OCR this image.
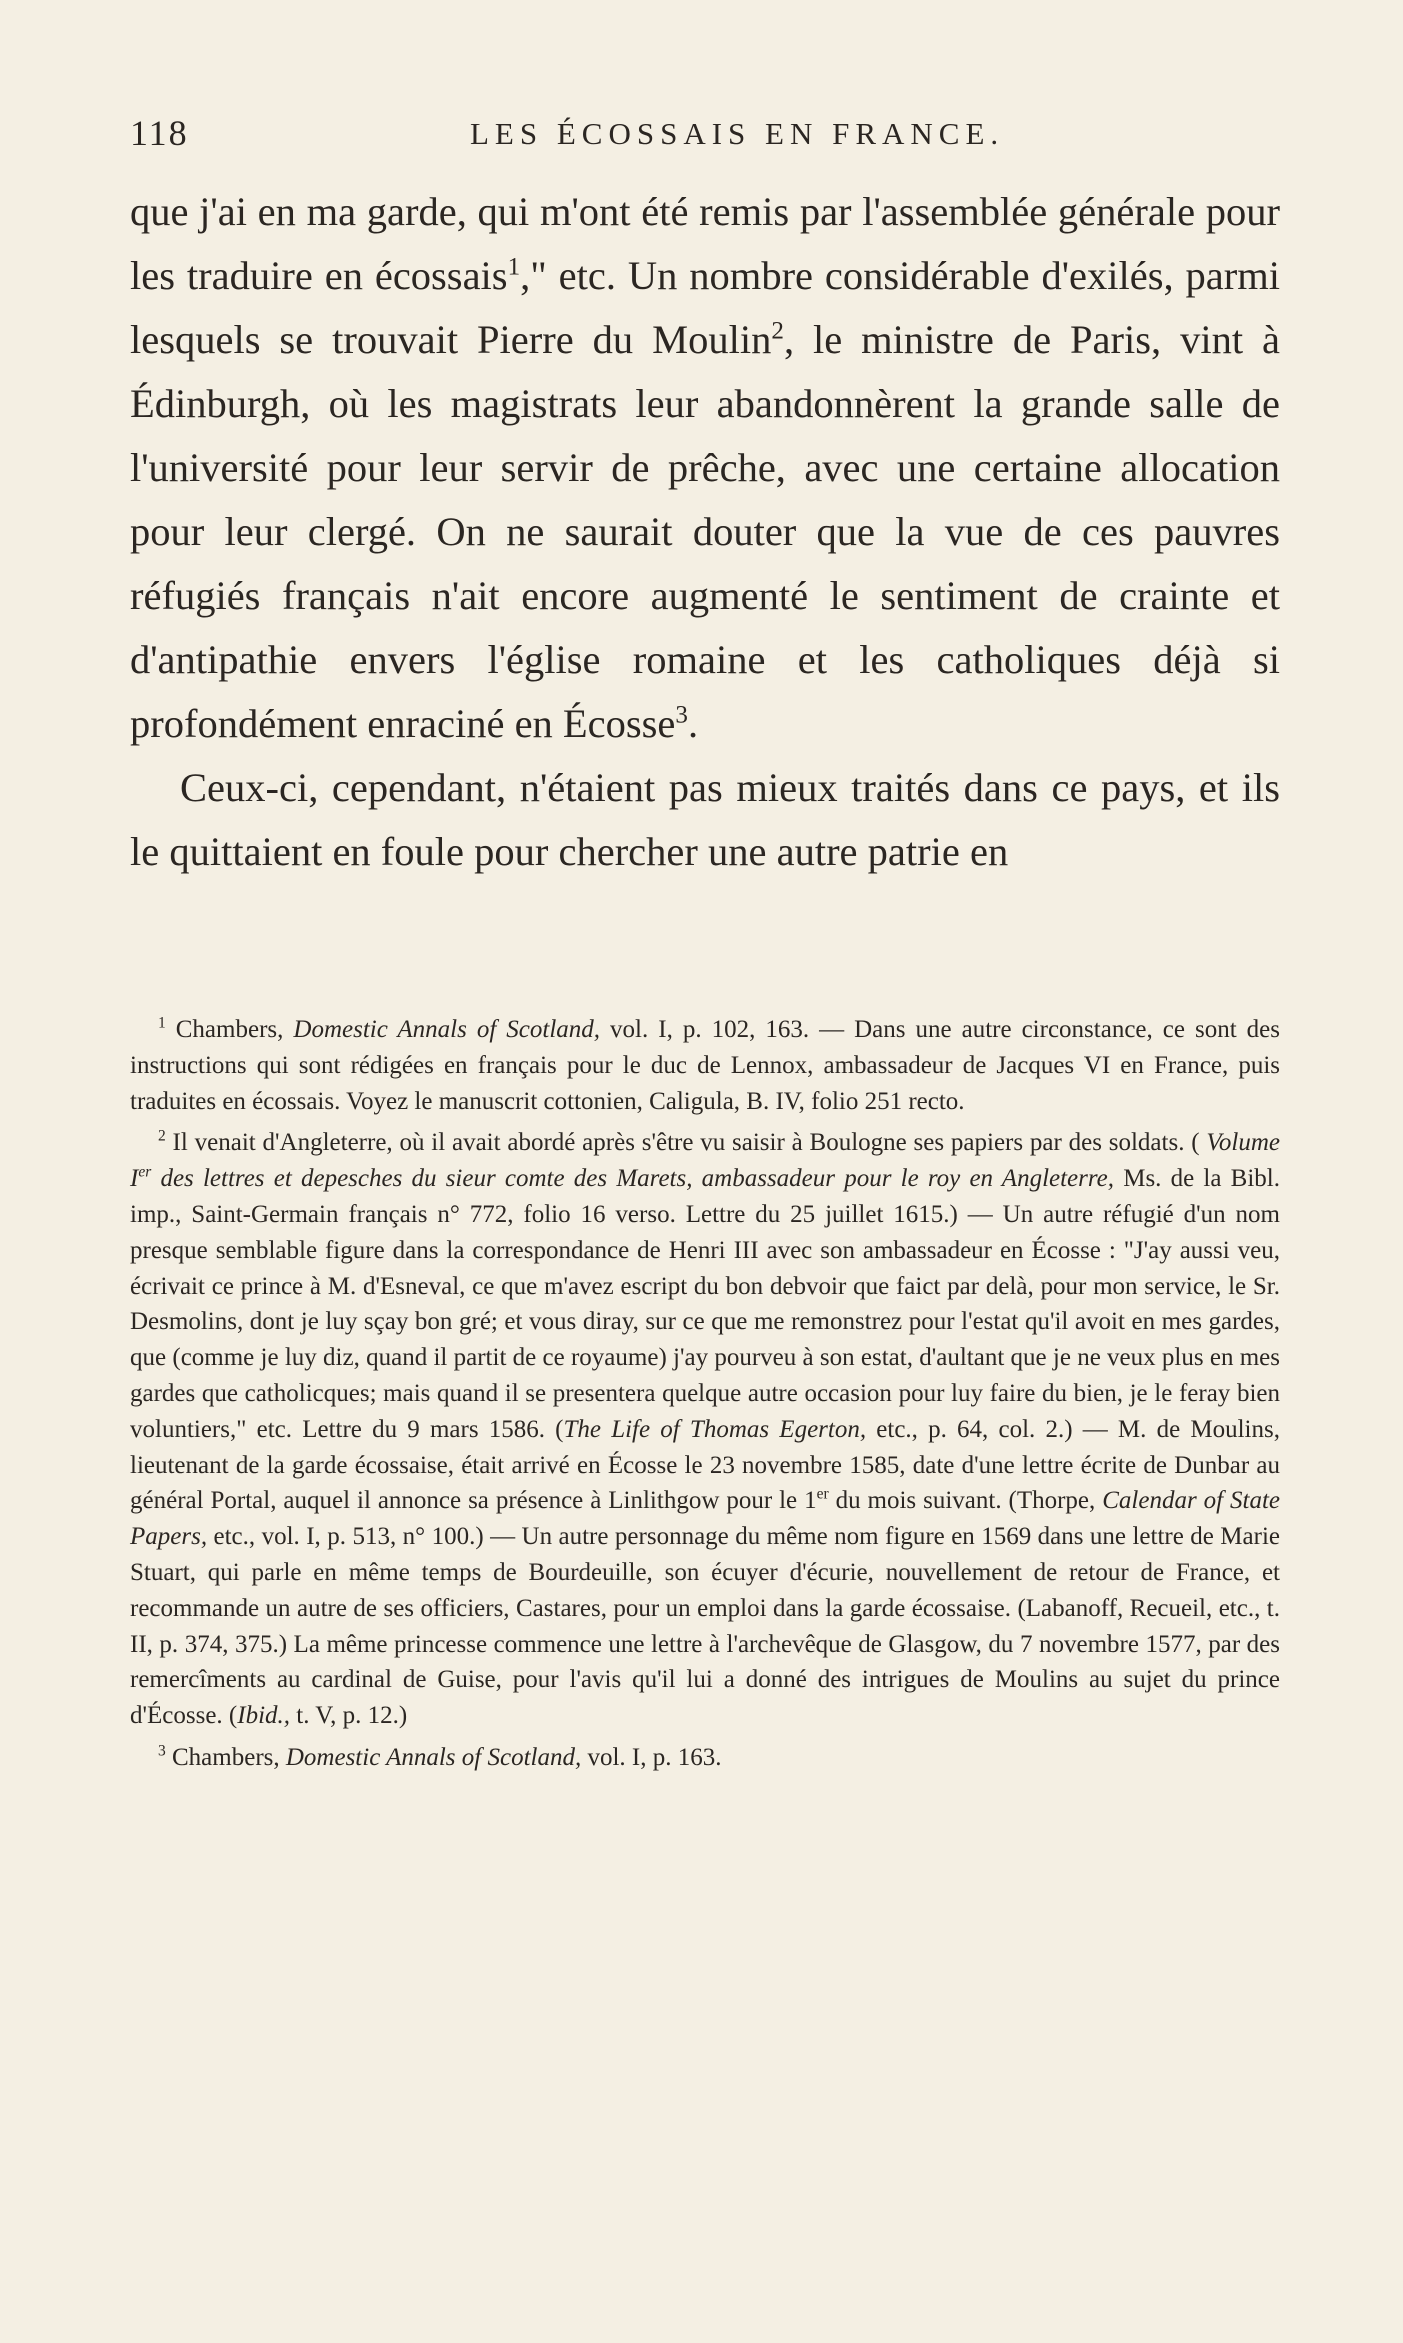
118	LES ÉCOSSAIS EN FRANCE.

que j'ai en ma garde, qui m'ont été remis par l'assemblée générale pour les traduire en écossais$^1$," etc. Un nombre considérable d'exilés, parmi lesquels se trouvait Pierre du Moulin$^2$, le ministre de Paris, vint à Édinburgh, où les magistrats leur abandonnèrent la grande salle de l'université pour leur servir de prêche, avec une certaine allocation pour leur clergé. On ne saurait douter que la vue de ces pauvres réfugiés français n'ait encore augmenté le sentiment de crainte et d'antipathie envers l'église romaine et les catholiques déjà si profondément enraciné en Écosse$^3$.

Ceux-ci, cependant, n'étaient pas mieux traités dans ce pays, et ils le quittaient en foule pour chercher une autre patrie en

$^1$ Chambers, Domestic Annals of Scotland, vol. I, p. 102, 163. — Dans une autre circonstance, ce sont des instructions qui sont rédigées en français pour le duc de Lennox, ambassadeur de Jacques VI en France, puis traduites en écossais. Voyez le manuscrit cottonien, Caligula, B. IV, folio 251 recto.

$^2$ Il venait d'Angleterre, où il avait abordé après s'être vu saisir à Boulogne ses papiers par des soldats. ( Volume Ier des lettres et depesches du sieur comte des Marets, ambassadeur pour le roy en Angleterre, Ms. de la Bibl. imp., Saint-Germain français n° 772, folio 16 verso. Lettre du 25 juillet 1615.) — Un autre réfugié d'un nom presque semblable figure dans la correspondance de Henri III avec son ambassadeur en Écosse : "J'ay aussi veu, écrivait ce prince à M. d'Esneval, ce que m'avez escript du bon debvoir que faict par delà, pour mon service, le Sr. Desmolins, dont je luy sçay bon gré; et vous diray, sur ce que me remonstrez pour l'estat qu'il avoit en mes gardes, que (comme je luy diz, quand il partit de ce royaume) j'ay pourveu à son estat, d'aultant que je ne veux plus en mes gardes que catholicques; mais quand il se presentera quelque autre occasion pour luy faire du bien, je le feray bien voluntiers," etc. Lettre du 9 mars 1586. (The Life of Thomas Egerton, etc., p. 64, col. 2.) — M. de Moulins, lieutenant de la garde écossaise, était arrivé en Écosse le 23 novembre 1585, date d'une lettre écrite de Dunbar au général Portal, auquel il annonce sa présence à Linlithgow pour le 1er du mois suivant. (Thorpe, Calendar of State Papers, etc., vol. I, p. 513, n° 100.) — Un autre personnage du même nom figure en 1569 dans une lettre de Marie Stuart, qui parle en même temps de Bourdeuille, son écuyer d'écurie, nouvellement de retour de France, et recommande un autre de ses officiers, Castares, pour un emploi dans la garde écossaise. (Labanoff, Recueil, etc., t. II, p. 374, 375.) La même princesse commence une lettre à l'archevêque de Glasgow, du 7 novembre 1577, par des remercîments au cardinal de Guise, pour l'avis qu'il lui a donné des intrigues de Moulins au sujet du prince d'Écosse. (Ibid., t. V, p. 12.)

$^3$ Chambers, Domestic Annals of Scotland, vol. I, p. 163.
